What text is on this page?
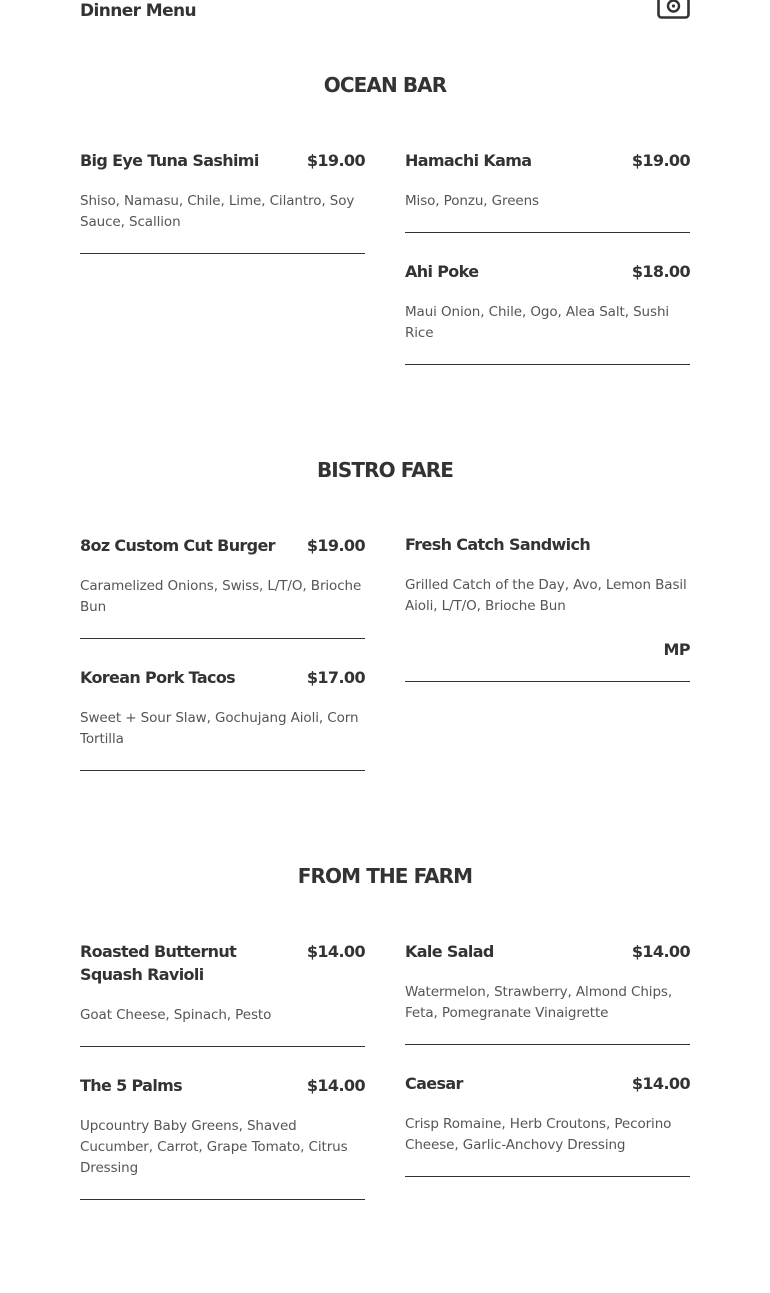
Dinner Menu
OCEAN BAR
Big Eye Tuna Sashimi	$19.00
Shiso, Namasu, Chile, Lime, Cilantro, Soy Sauce, Scallion
Hamachi Kama	$19.00
Miso, Ponzu, Greens
Ahi Poke	$18.00
Maui Onion, Chile, Ogo, Alea Salt, Sushi Rice
BISTRO FARE
8oz Custom Cut Burger $19.00
Caramelized Onions, Swiss, L/T/O, Brioche Bun
Korean Pork Tacos	$17.00
Sweet + Sour Slaw, Gochujang Aioli, Corn Tortilla
Fresh Catch Sandwich
Grilled Catch of the Day, Avo, Lemon Basil Aioli, L/T/O, Brioche Bun
MP
FROM THE FARM
Roasted Butternut Squash Ravioli
$14.00
Goat Cheese, Spinach, Pesto
The 5 Palms	$14.00
Upcountry Baby Greens, Shaved Cucumber, Carrot, Grape Tomato, Citrus Dressing
Kale Salad	$14.00
Watermelon, Strawberry, Almond Chips, Feta, Pomegranate Vinaigrette
Caesar	$14.00
Crisp Romaine, Herb Croutons, Pecorino Cheese, Garlic-Anchovy Dressing
